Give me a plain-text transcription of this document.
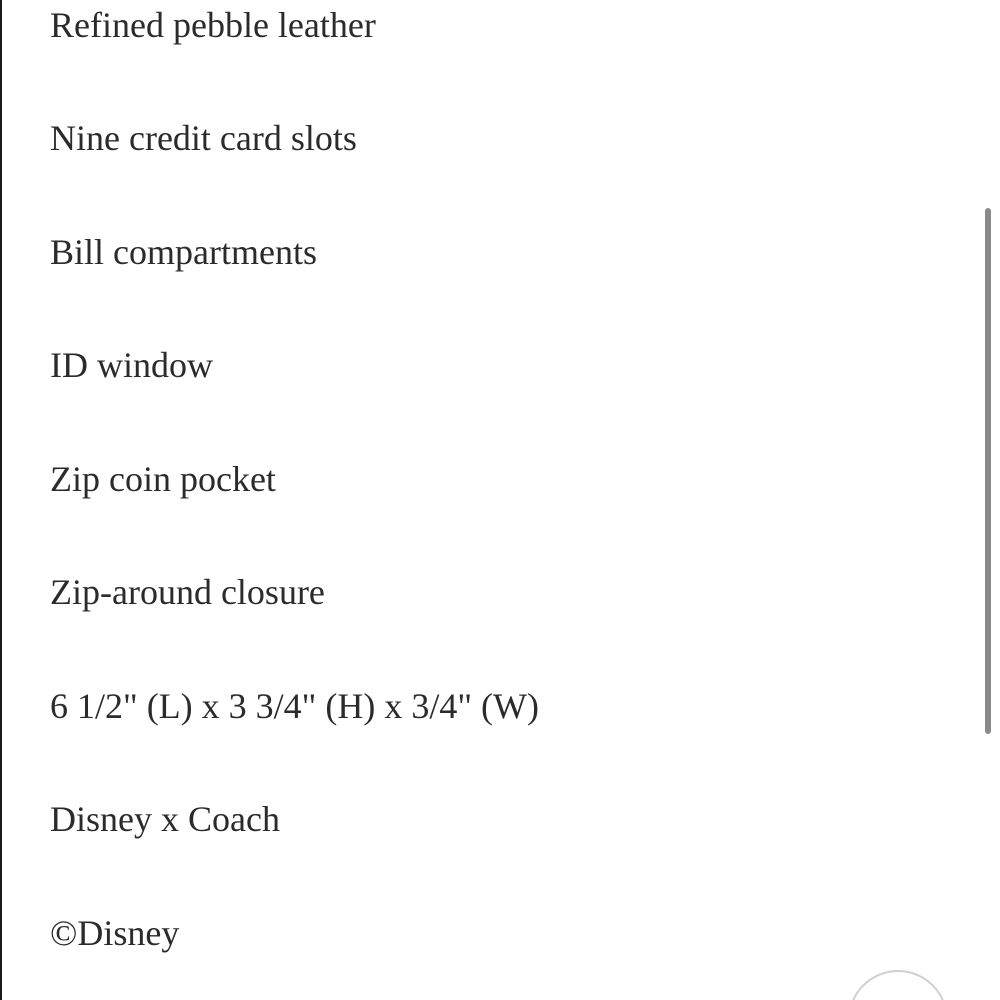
Refined pebble leather
Nine credit card slots
Bill compartments
ID window
Zip coin pocket
Zip-around closure
6 1/2" (L) x 3 3/4" (H) x 3/4" (W)
Disney x Coach
©Disney
